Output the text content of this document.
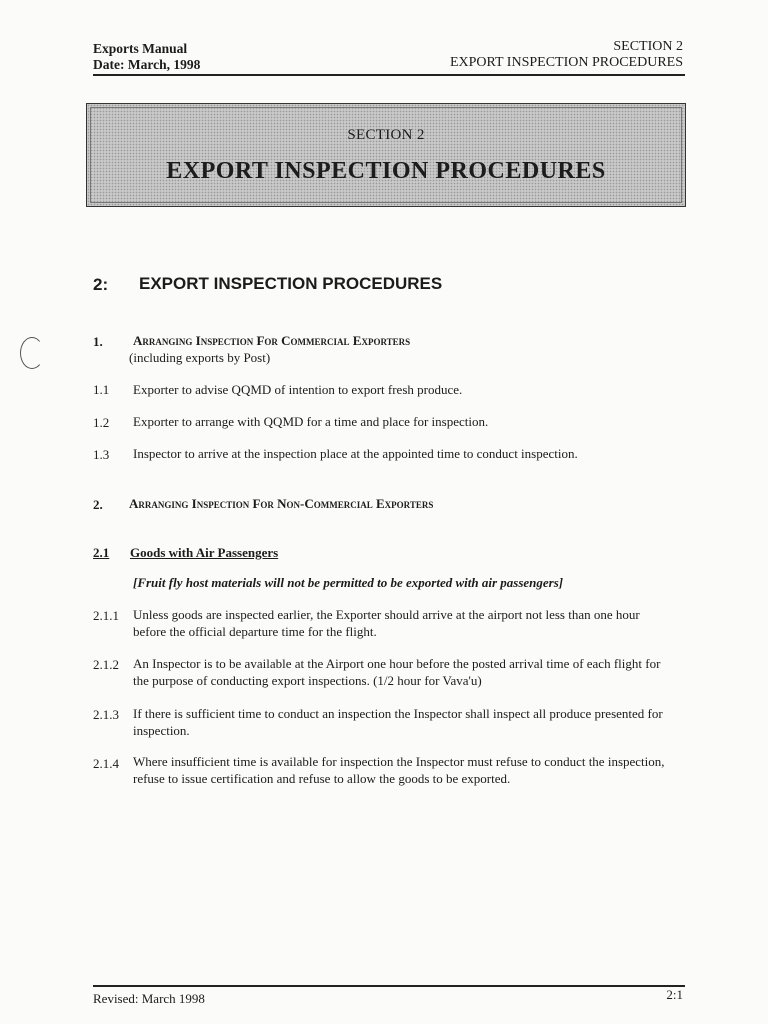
Exports Manual
Date: March, 1998
SECTION 2
EXPORT INSPECTION PROCEDURES
SECTION 2
EXPORT INSPECTION PROCEDURES
2: EXPORT INSPECTION PROCEDURES
1. Arranging Inspection For Commercial Exporters
(including exports by Post)
1.1 Exporter to advise QQMD of intention to export fresh produce.
1.2 Exporter to arrange with QQMD for a time and place for inspection.
1.3 Inspector to arrive at the inspection place at the appointed time to conduct inspection.
2. Arranging Inspection For Non-Commercial Exporters
2.1 Goods with Air Passengers
[Fruit fly host materials will not be permitted to be exported with air passengers]
2.1.1 Unless goods are inspected earlier, the Exporter should arrive at the airport not less than one hour before the official departure time for the flight.
2.1.2 An Inspector is to be available at the Airport one hour before the posted arrival time of each flight for the purpose of conducting export inspections. (1/2 hour for Vava'u)
2.1.3 If there is sufficient time to conduct an inspection the Inspector shall inspect all produce presented for inspection.
2.1.4 Where insufficient time is available for inspection the Inspector must refuse to conduct the inspection, refuse to issue certification and refuse to allow the goods to be exported.
Revised: March 1998	2:1
